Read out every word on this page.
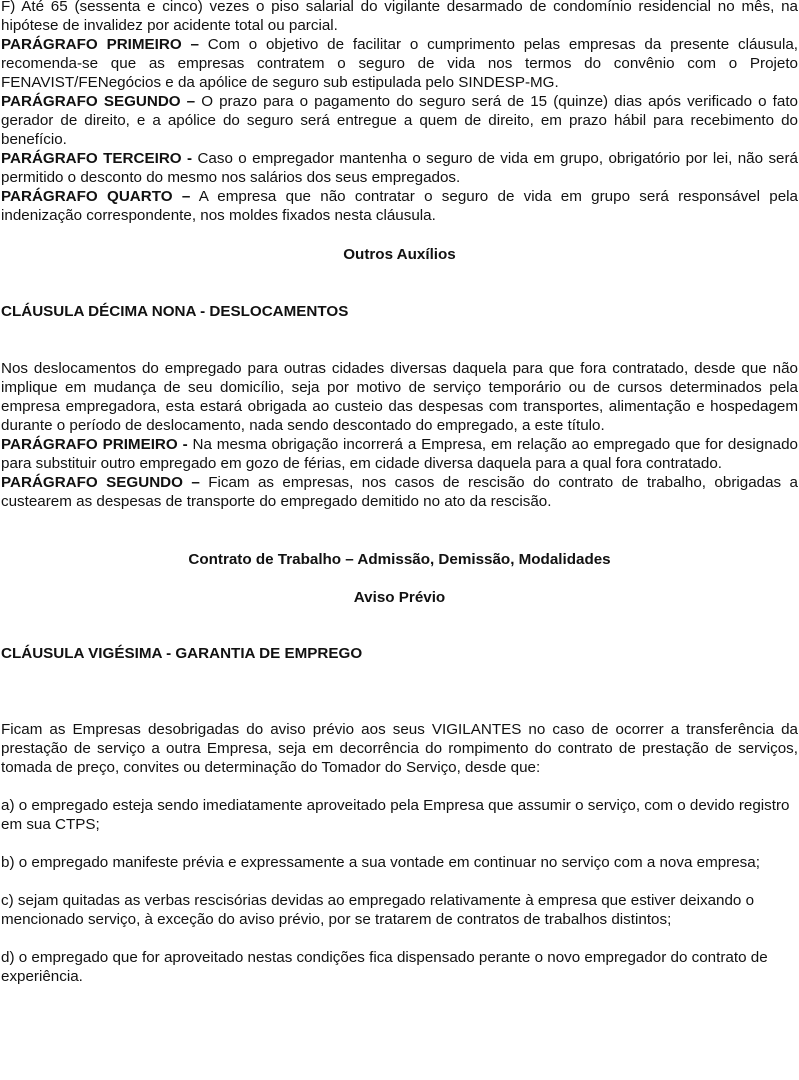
F) Até 65 (sessenta e cinco) vezes o piso salarial do vigilante desarmado de condomínio residencial no mês, na hipótese de invalidez por acidente total ou parcial.

PARÁGRAFO PRIMEIRO – Com o objetivo de facilitar o cumprimento pelas empresas da presente cláusula, recomenda-se que as empresas contratem o seguro de vida nos termos do convênio com o Projeto FENAVIST/FENegócios e da apólice de seguro sub estipulada pelo SINDESP-MG.

PARÁGRAFO SEGUNDO – O prazo para o pagamento do seguro será de 15 (quinze) dias após verificado o fato gerador de direito, e a apólice do seguro será entregue a quem de direito, em prazo hábil para recebimento do benefício.

PARÁGRAFO TERCEIRO - Caso o empregador mantenha o seguro de vida em grupo, obrigatório por lei, não será permitido o desconto do mesmo nos salários dos seus empregados.

PARÁGRAFO QUARTO – A empresa que não contratar o seguro de vida em grupo será responsável pela indenização correspondente, nos moldes fixados nesta cláusula.

Outros Auxílios

CLÁUSULA DÉCIMA NONA - DESLOCAMENTOS

Nos deslocamentos do empregado para outras cidades diversas daquela para que fora contratado, desde que não implique em mudança de seu domicílio, seja por motivo de serviço temporário ou de cursos determinados pela empresa empregadora, esta estará obrigada ao custeio das despesas com transportes, alimentação e hospedagem durante o período de deslocamento, nada sendo descontado do empregado, a este título.

PARÁGRAFO PRIMEIRO - Na mesma obrigação incorrerá a Empresa, em relação ao empregado que for designado para substituir outro empregado em gozo de férias, em cidade diversa daquela para a qual fora contratado.

PARÁGRAFO SEGUNDO – Ficam as empresas, nos casos de rescisão do contrato de trabalho, obrigadas a custearem as despesas de transporte do empregado demitido no ato da rescisão.

Contrato de Trabalho – Admissão, Demissão, Modalidades

Aviso Prévio

CLÁUSULA VIGÉSIMA - GARANTIA DE EMPREGO

Ficam as Empresas desobrigadas do aviso prévio aos seus VIGILANTES no caso de ocorrer a transferência da prestação de serviço a outra Empresa, seja em decorrência do rompimento do contrato de prestação de serviços, tomada de preço, convites ou determinação do Tomador do Serviço, desde que:

a) o empregado esteja sendo imediatamente aproveitado pela Empresa que assumir o serviço, com o devido registro em sua CTPS;

b) o empregado manifeste prévia e expressamente a sua vontade em continuar no serviço com a nova empresa;

c) sejam quitadas as verbas rescisórias devidas ao empregado relativamente à empresa que estiver deixando o mencionado serviço, à exceção do aviso prévio, por se tratarem de contratos de trabalhos distintos;

d) o empregado que for aproveitado nestas condições fica dispensado perante o novo empregador do contrato de experiência.
